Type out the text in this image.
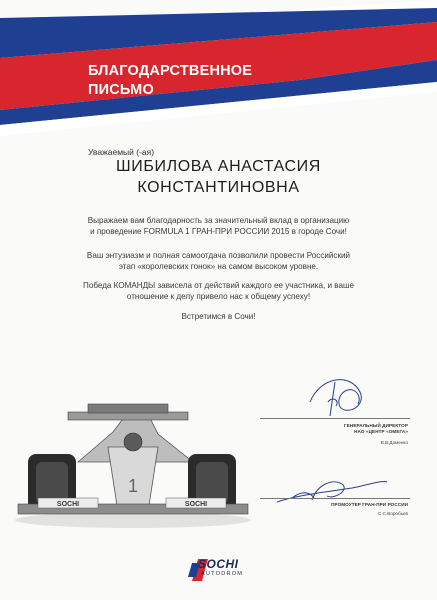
БЛАГОДАРСТВЕННОЕ
ПИСЬМО
Уважаемый (-ая)
ШИБИЛОВА АНАСТАСИЯ
КОНСТАНТИНОВНА
Выражаем вам благодарность за значительный вклад в организацию
и проведение FORMULA 1 ГРАН-ПРИ РОССИИ 2015 в городе Сочи!
Ваш энтузиазм и полная самоотдача позволили провести Российский
этап «королевских гонок» на самом высоком уровне.
Победа КОМАНДЫ зависела от действий каждого ее участника, и ваше
отношение к делу привело нас к общему успеху!
Встретимся в Сочи!
1
SOCHI	SOCHI
ГЕНЕРАЛЬНЫЙ ДИРЕКТОР
НАО «ЦЕНТР «ОМЕГА»
В.В.Доменко
ПРОМОУТЕР ГРАН-ПРИ РОССИИ
С.С.Воробьев
SOCHI
AUTODROM
